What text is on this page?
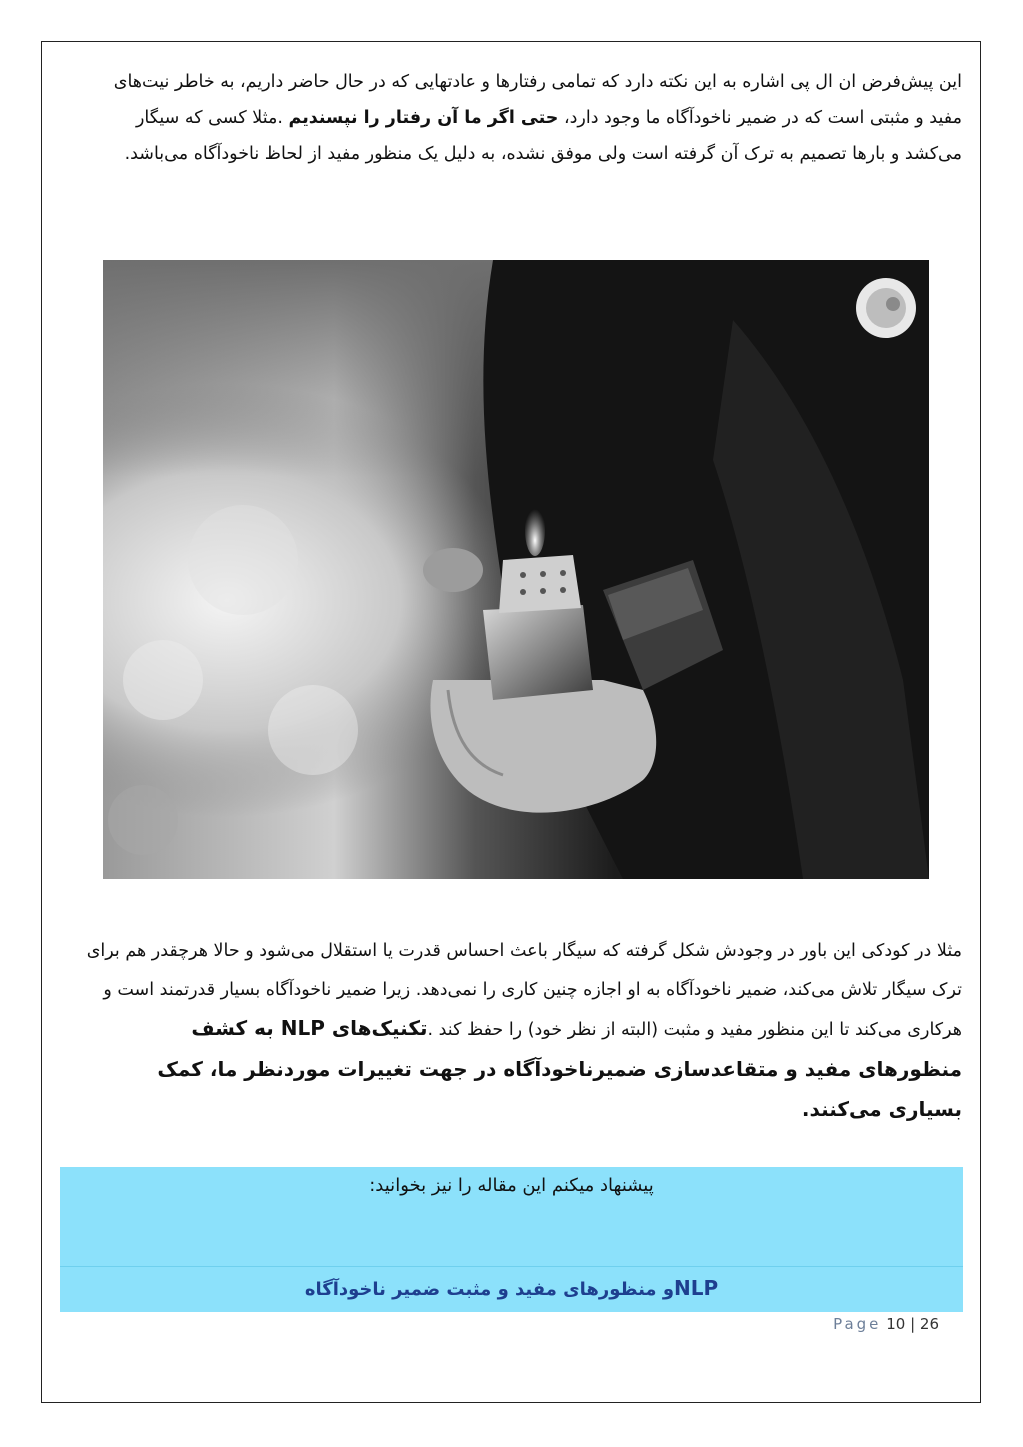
این پیش‌فرض ان ال پی اشاره به این نکته دارد که تمامی رفتارها و عادتهایی که در حال حاضر داریم، به خاطر نیت‌های مفید و مثبتی است که در ضمیر ناخودآگاه ما وجود دارد، حتی اگر ما آن رفتار را نپسندیم .مثلا کسی که سیگار می‌کشد و بارها تصمیم به ترک آن گرفته است ولی موفق نشده، به دلیل یک منظور مفید از لحاظ ناخودآگاه می‌باشد.

مثلا در کودکی این باور در وجودش شکل گرفته که سیگار باعث احساس قدرت یا استقلال می‌شود و حالا هرچقدر هم برای ترک سیگار تلاش می‌کند، ضمیر ناخودآگاه به او اجازه چنین کاری را نمی‌دهد. زیرا ضمیر ناخودآگاه بسیار قدرتمند است و هرکاری می‌کند تا این منظور مفید و مثبت (البته از نظر خود) را حفظ کند .تکنیک‌های NLP به کشف منظورهای مفید و متقاعدسازی ضمیرناخودآگاه در جهت تغییرات موردنظر ما، کمک بسیاری می‌کنند.

پیشنهاد میکنم این مقاله را نیز بخوانید:
NLPو منظورهای مفید و مثبت ضمیر ناخودآگاه
Page 10 | 26
